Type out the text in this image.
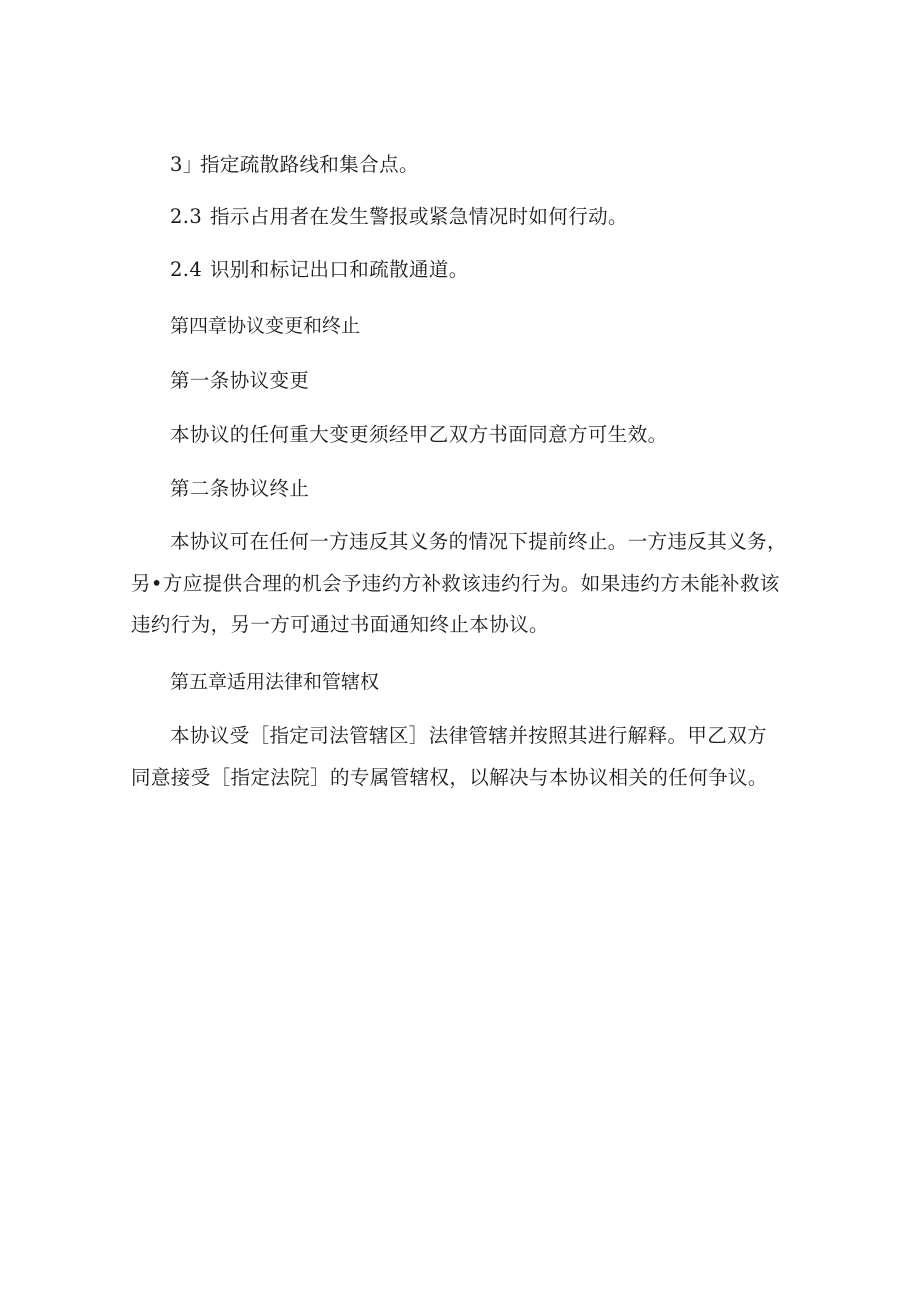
3」指定疏散路线和集合点。
2.3 指示占用者在发生警报或紧急情况时如何行动。
2.4 识别和标记出口和疏散通道。
第四章协议变更和终止
第一条协议变更
本协议的任何重大变更须经甲乙双方书面同意方可生效。
第二条协议终止
本协议可在任何一方违反其义务的情况下提前终止。一方违反其义务，
另•方应提供合理的机会予违约方补救该违约行为。如果违约方未能补救该
违约行为，另一方可通过书面通知终止本协议。
第五章适用法律和管辖权
本协议受［指定司法管辖区］法律管辖并按照其进行解释。甲乙双方
同意接受［指定法院］的专属管辖权，以解决与本协议相关的任何争议。
